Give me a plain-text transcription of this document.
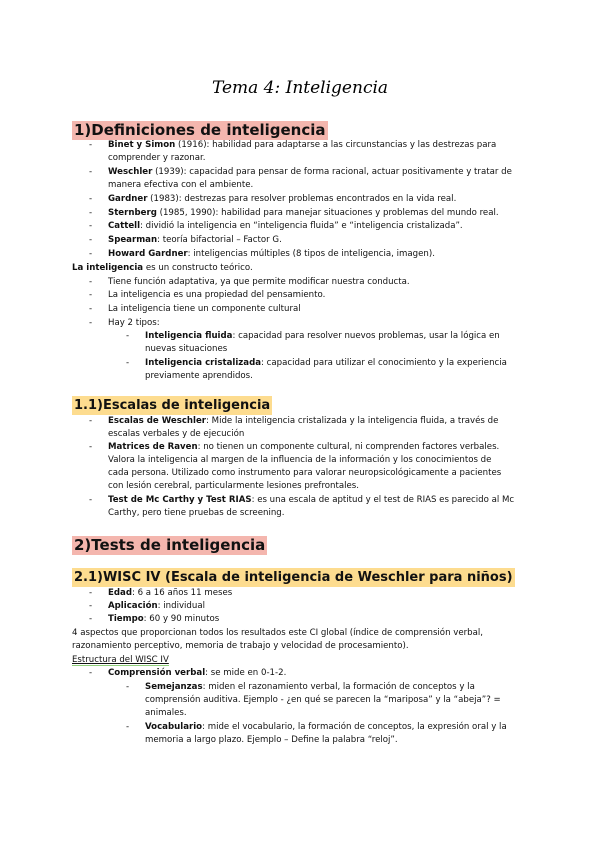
Tema 4: Inteligencia
1)Definiciones de inteligencia
- Binet y Simon (1916): habilidad para adaptarse a las circunstancias y las destrezas para
comprender y razonar.
- Weschler (1939): capacidad para pensar de forma racional, actuar positivamente y tratar de
manera efectiva con el ambiente.
- Gardner (1983): destrezas para resolver problemas encontrados en la vida real.
- Sternberg (1985, 1990): habilidad para manejar situaciones y problemas del mundo real.
- Cattell: dividió la inteligencia en “inteligencia fluida” e “inteligencia cristalizada”.
- Spearman: teoría bifactorial – Factor G.
- Howard Gardner: inteligencias múltiples (8 tipos de inteligencia, imagen).
La inteligencia es un constructo teórico.
- Tiene función adaptativa, ya que permite modificar nuestra conducta.
- La inteligencia es una propiedad del pensamiento.
- La inteligencia tiene un componente cultural
- Hay 2 tipos:
- Inteligencia fluida: capacidad para resolver nuevos problemas, usar la lógica en
nuevas situaciones
- Inteligencia cristalizada: capacidad para utilizar el conocimiento y la experiencia
previamente aprendidos.
1.1)Escalas de inteligencia
- Escalas de Weschler: Mide la inteligencia cristalizada y la inteligencia fluida, a través de
escalas verbales y de ejecución
- Matrices de Raven: no tienen un componente cultural, ni comprenden factores verbales.
Valora la inteligencia al margen de la influencia de la información y los conocimientos de
cada persona. Utilizado como instrumento para valorar neuropsicológicamente a pacientes
con lesión cerebral, particularmente lesiones prefrontales.
- Test de Mc Carthy y Test RIAS: es una escala de aptitud y el test de RIAS es parecido al Mc
Carthy, pero tiene pruebas de screening.
2)Tests de inteligencia
2.1)WISC IV (Escala de inteligencia de Weschler para niños)
- Edad: 6 a 16 años 11 meses
- Aplicación: individual
- Tiempo: 60 y 90 minutos
4 aspectos que proporcionan todos los resultados este CI global (índice de comprensión verbal,
razonamiento perceptivo, memoria de trabajo y velocidad de procesamiento).
Estructura del WISC IV
- Comprensión verbal: se mide en 0-1-2.
- Semejanzas: miden el razonamiento verbal, la formación de conceptos y la
comprensión auditiva. Ejemplo - ¿en qué se parecen la “mariposa” y la “abeja”? =
animales.
- Vocabulario: mide el vocabulario, la formación de conceptos, la expresión oral y la
memoria a largo plazo. Ejemplo – Define la palabra “reloj”.
